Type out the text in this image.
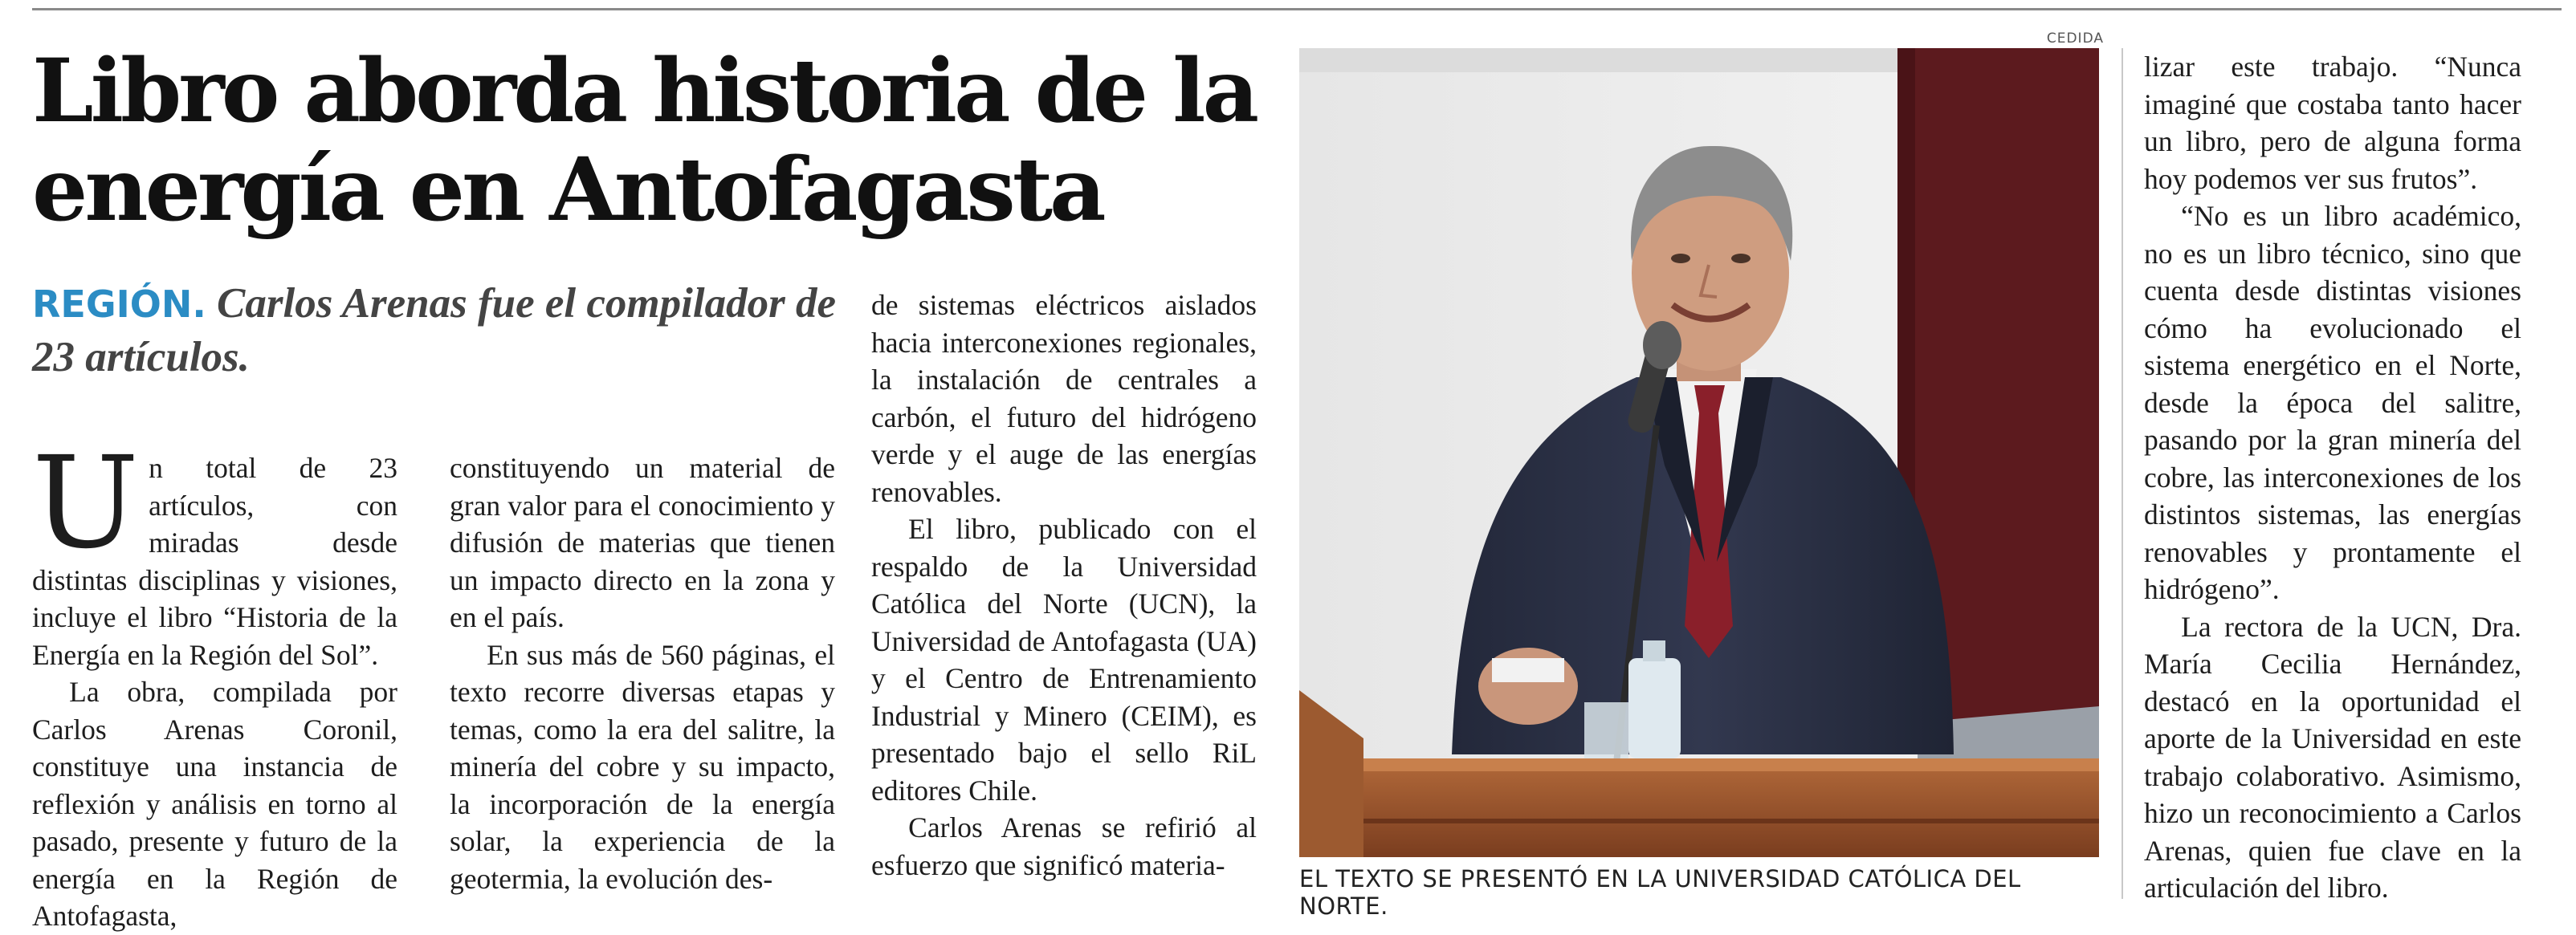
Libro aborda historia de la
energía en Antofagasta
REGIÓN. Carlos Arenas fue el compilador de 23 artículos.

Un total de 23 artículos, con miradas desde distintas disciplinas y visiones, incluye el libro “Historia de la Energía en la Región del Sol”.

La obra, compilada por Carlos Arenas Coronil, constituye una instancia de reflexión y análisis en torno al pasado, presente y futuro de la energía en la Región de Antofagasta,

constituyendo un material de gran valor para el conocimiento y difusión de materias que tienen un impacto directo en la zona y en el país.

En sus más de 560 páginas, el texto recorre diversas etapas y temas, como la era del salitre, la minería del cobre y su impacto, la incorporación de la energía solar, la experiencia de la geotermia, la evolución des-

de sistemas eléctricos aislados hacia interconexiones regionales, la instalación de centrales a carbón, el futuro del hidrógeno verde y el auge de las energías renovables.

El libro, publicado con el respaldo de la Universidad Católica del Norte (UCN), la Universidad de Antofagasta (UA) y el Centro de Entrenamiento Industrial y Minero (CEIM), es presentado bajo el sello RiL editores Chile.

Carlos Arenas se refirió al esfuerzo que significó materia-

CEDIDA
EL TEXTO SE PRESENTÓ EN LA UNIVERSIDAD CATÓLICA DEL NORTE.

lizar este trabajo. “Nunca imaginé que costaba tanto hacer un libro, pero de alguna forma hoy podemos ver sus frutos”.

“No es un libro académico, no es un libro técnico, sino que cuenta desde distintas visiones cómo ha evolucionado el sistema energético en el Norte, desde la época del salitre, pasando por la gran minería del cobre, las interconexiones de los distintos sistemas, las energías renovables y prontamente el hidrógeno”.

La rectora de la UCN, Dra. María Cecilia Hernández, destacó en la oportunidad el aporte de la Universidad en este trabajo colaborativo. Asimismo, hizo un reconocimiento a Carlos Arenas, quien fue clave en la articulación del libro.
